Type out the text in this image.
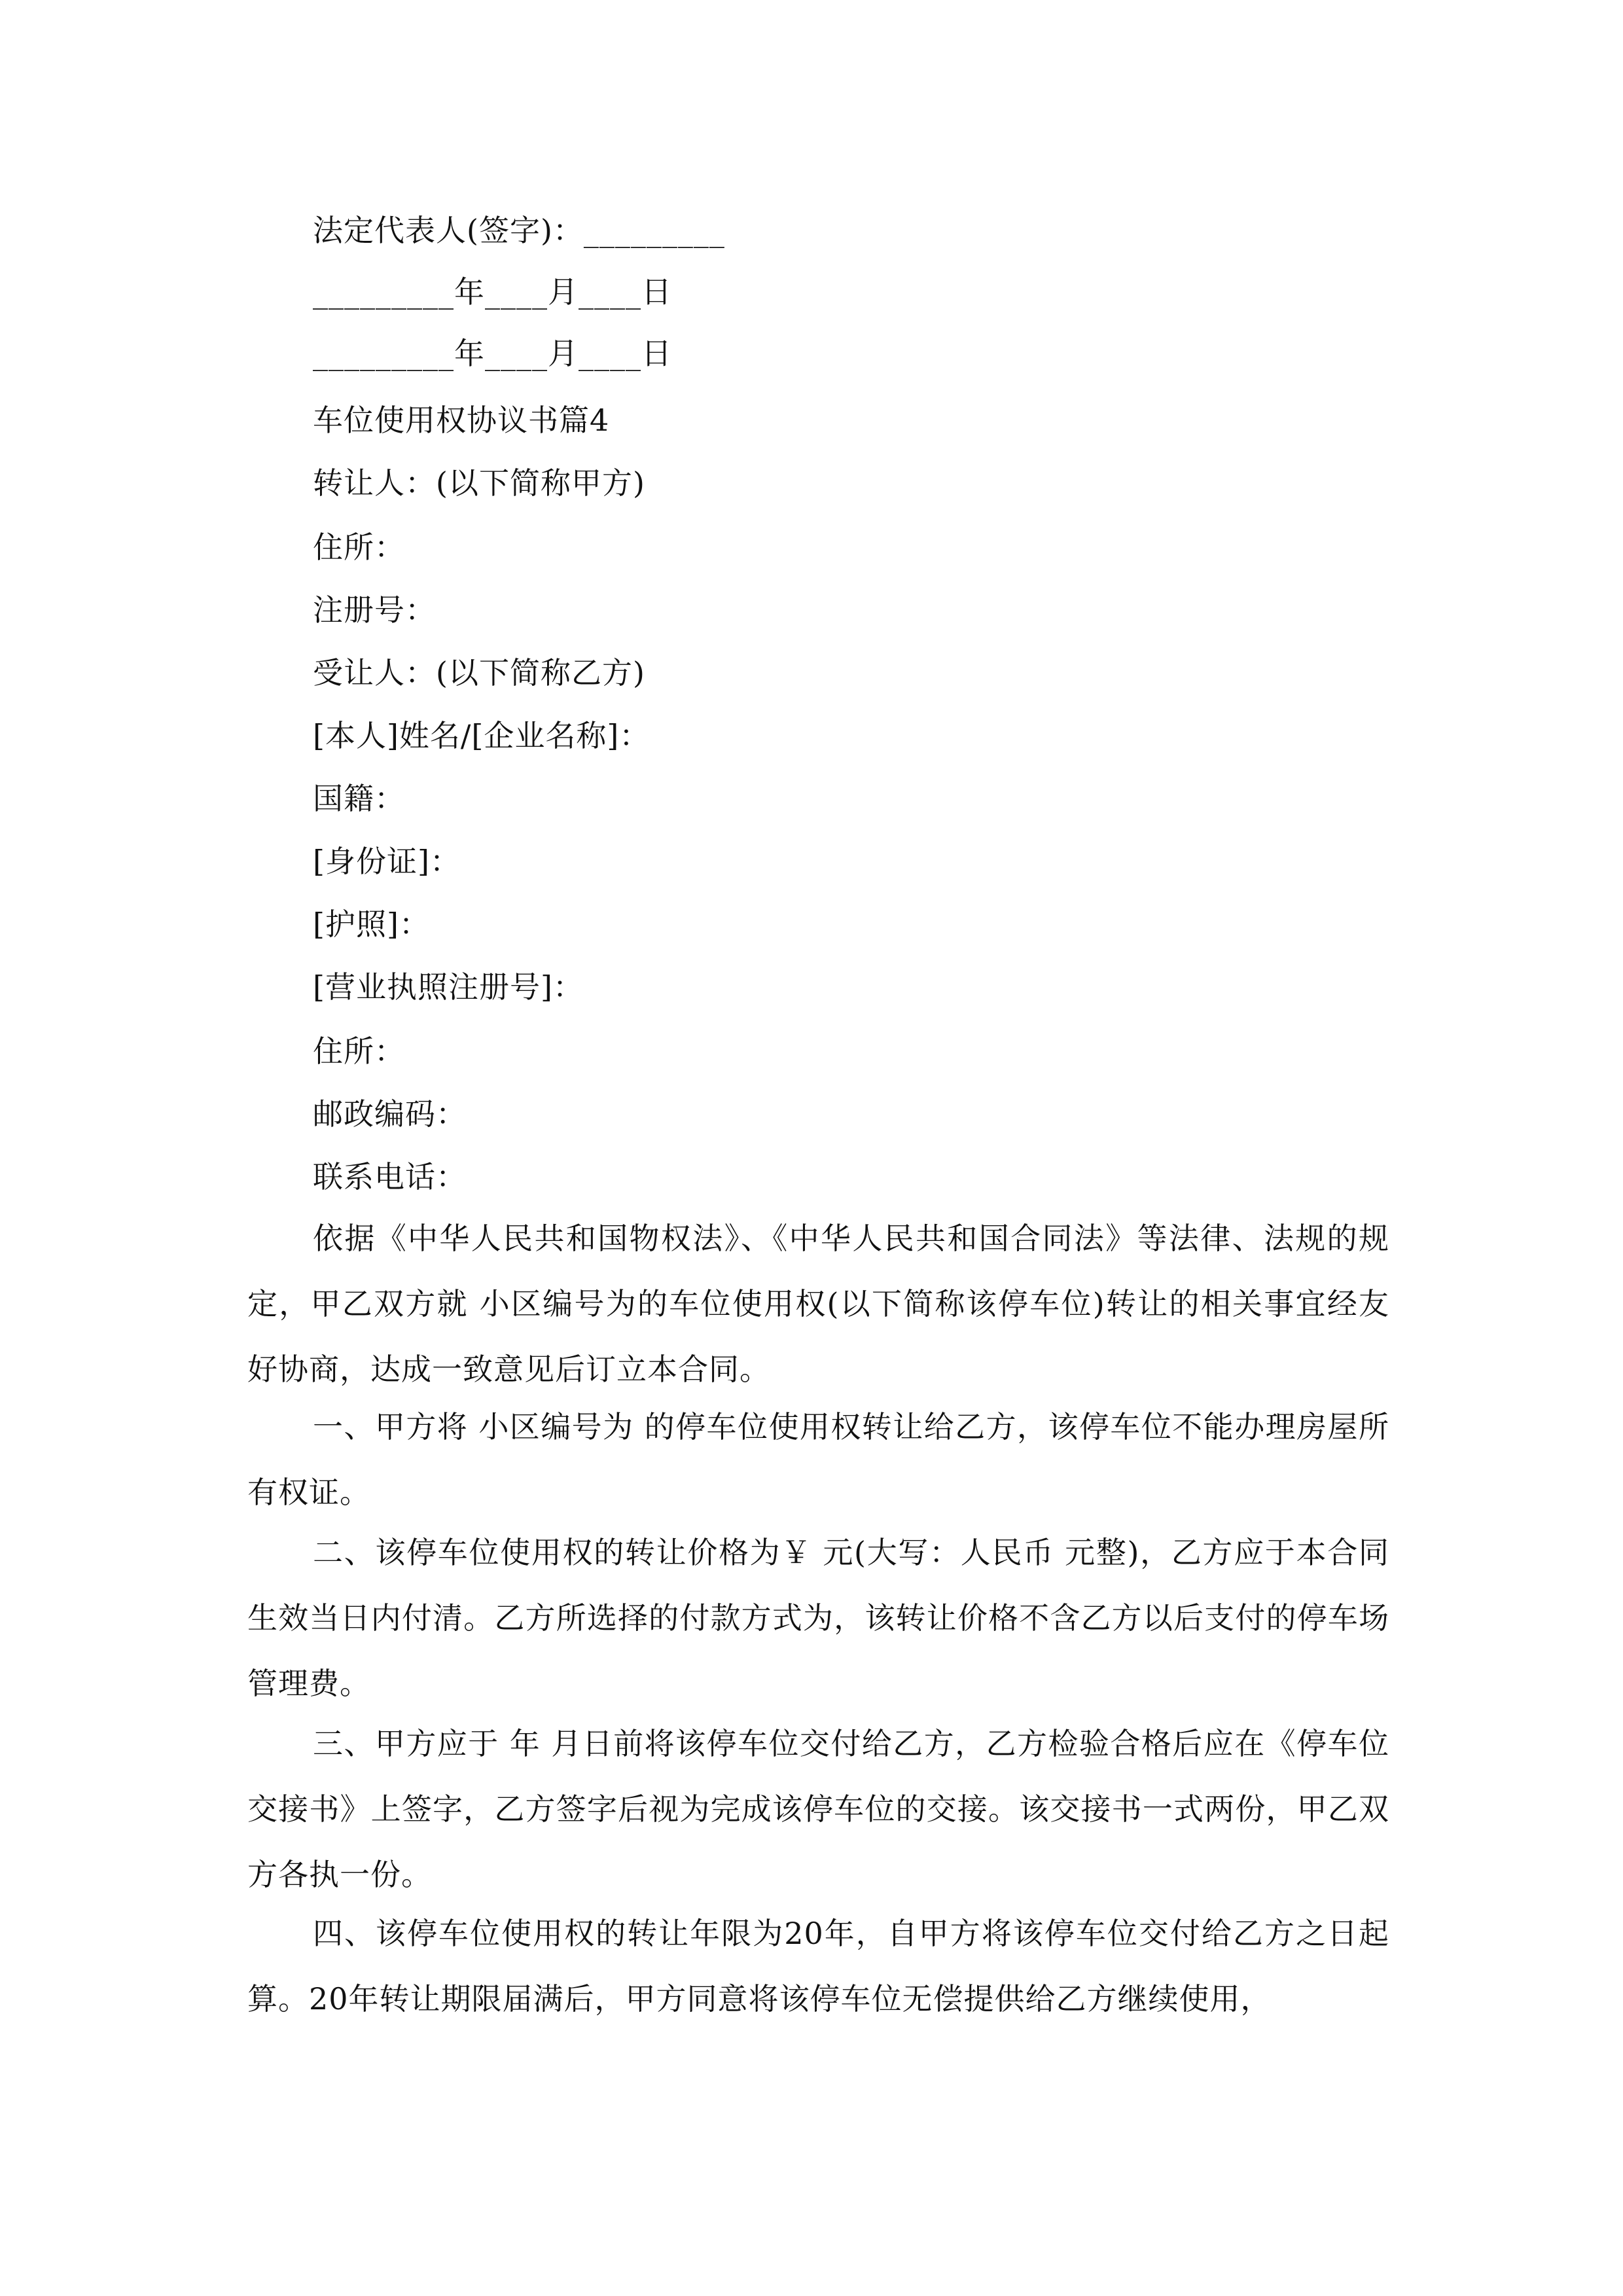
法定代表人(签字)：_________
_________年____月____日
_________年____月____日
车位使用权协议书篇4
转让人：(以下简称甲方)
住所：
注册号：
受让人：(以下简称乙方)
[本人]姓名/[企业名称]：
国籍：
[身份证]：
[护照]：
[营业执照注册号]：
住所：
邮政编码：
联系电话：
依据《中华人民共和国物权法》、《中华人民共和国合同法》等法律、法规的规定，甲乙双方就 小区编号为的车位使用权(以下简称该停车位)转让的相关事宜经友好协商，达成一致意见后订立本合同。
一、甲方将 小区编号为 的停车位使用权转让给乙方，该停车位不能办理房屋所有权证。
二、该停车位使用权的转让价格为￥ 元(大写：人民币 元整)，乙方应于本合同生效当日内付清。乙方所选择的付款方式为，该转让价格不含乙方以后支付的停车场管理费。
三、甲方应于 年 月日前将该停车位交付给乙方，乙方检验合格后应在《停车位交接书》上签字，乙方签字后视为完成该停车位的交接。该交接书一式两份，甲乙双方各执一份。
四、该停车位使用权的转让年限为20年，自甲方将该停车位交付给乙方之日起算。20年转让期限届满后，甲方同意将该停车位无偿提供给乙方继续使用，
